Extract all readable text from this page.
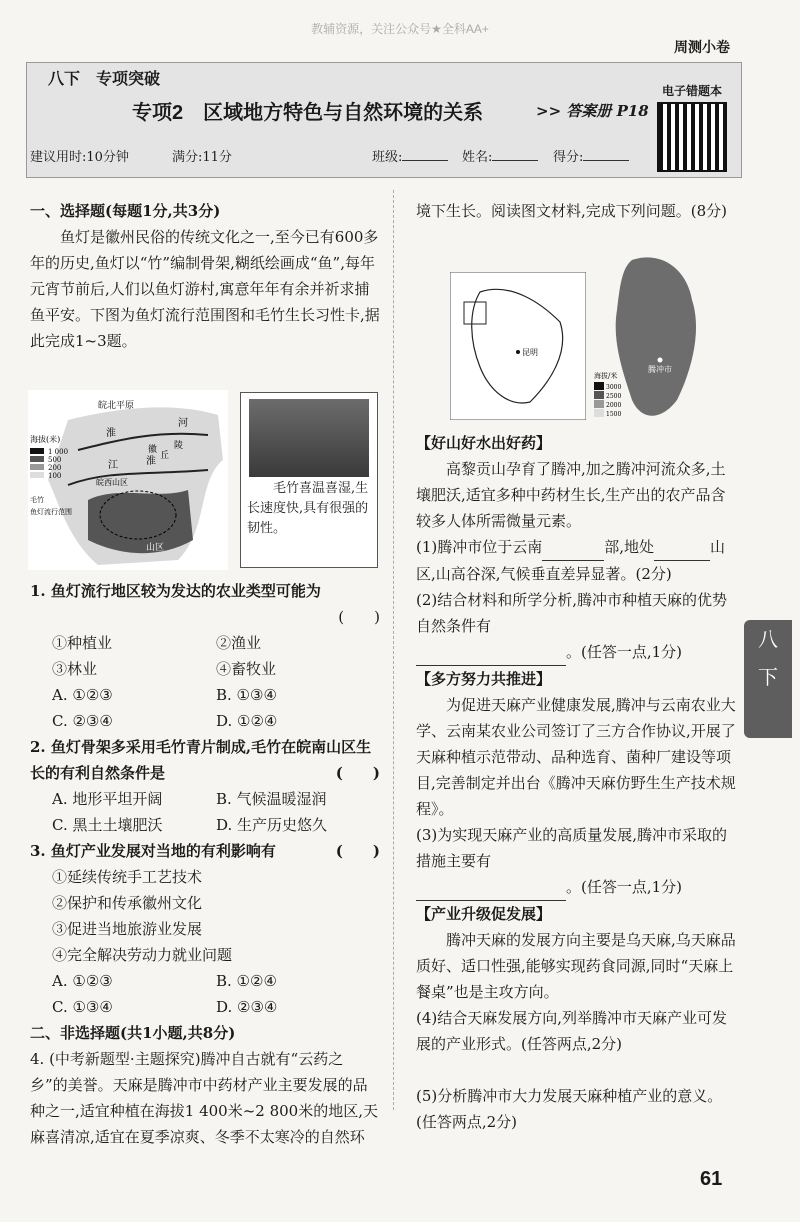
教辅资源，关注公众号★全科AA+
周测小卷
八下　专项突破
专项2　区域地方特色与自然环境的关系	>> 答案册 P18
电子错题本
建议用时:10分钟	满分:11分	班级:	姓名:	得分:
一、选择题(每题1分,共3分)
鱼灯是徽州民俗的传统文化之一,至今已有600多年的历史,鱼灯以“竹”编制骨架,糊纸绘画成“鱼”,每年元宵节前后,人们以鱼灯游村,寓意年年有余并祈求捕鱼平安。下图为鱼灯流行范围图和毛竹生长习性卡,据此完成1~3题。
皖北平原
淮
河
江	淮
徽
丘
陵
山区
皖西山区
海拔(米)
1 000
500
200
100
毛竹
鱼灯流行范围
毛竹喜温喜湿,生长速度快,具有很强的韧性。
1. 鱼灯流行地区较为发达的农业类型可能为
(　　)
①种植业	②渔业
③林业	④畜牧业
A. ①②③	B. ①③④
C. ②③④	D. ①②④
2. 鱼灯骨架多采用毛竹青片制成,毛竹在皖南山区生长的有利自然条件是	(　　)
A. 地形平坦开阔	B. 气候温暖湿润
C. 黑土土壤肥沃	D. 生产历史悠久
3. 鱼灯产业发展对当地的有利影响有	(　　)
①延续传统手工艺技术
②保护和传承徽州文化
③促进当地旅游业发展
④完全解决劳动力就业问题
A. ①②③	B. ①②④
C. ①③④	D. ②③④
二、非选择题(共1小题,共8分)
4. (中考新题型·主题探究)腾冲自古就有“云药之乡”的美誉。天麻是腾冲市中药材产业主要发展的品种之一,适宜种植在海拔1 400米~2 800米的地区,天麻喜清凉,适宜在夏季凉爽、冬季不太寒冷的自然环
境下生长。阅读图文材料,完成下列问题。(8分)
昆明
腾冲市
海拔/米
3000
2500
2000
1500
【好山好水出好药】
高黎贡山孕育了腾冲,加之腾冲河流众多,土壤肥沃,适宜多种中药材生长,生产出的农产品含较多人体所需微量元素。
(1)腾冲市位于云南	部,地处	山区,山高谷深,气候垂直差异显著。(2分)
(2)结合材料和所学分析,腾冲市种植天麻的优势自然条件有
。(任答一点,1分)
【多方努力共推进】
为促进天麻产业健康发展,腾冲与云南农业大学、云南某农业公司签订了三方合作协议,开展了天麻种植示范带动、品种选育、菌种厂建设等项目,完善制定并出台《腾冲天麻仿野生生产技术规程》。
(3)为实现天麻产业的高质量发展,腾冲市采取的措施主要有
。(任答一点,1分)
【产业升级促发展】
腾冲天麻的发展方向主要是乌天麻,乌天麻品质好、适口性强,能够实现药食同源,同时“天麻上餐桌”也是主攻方向。
(4)结合天麻发展方向,列举腾冲市天麻产业可发展的产业形式。(任答两点,2分)
(5)分析腾冲市大力发展天麻种植产业的意义。(任答两点,2分)
八
下
61
